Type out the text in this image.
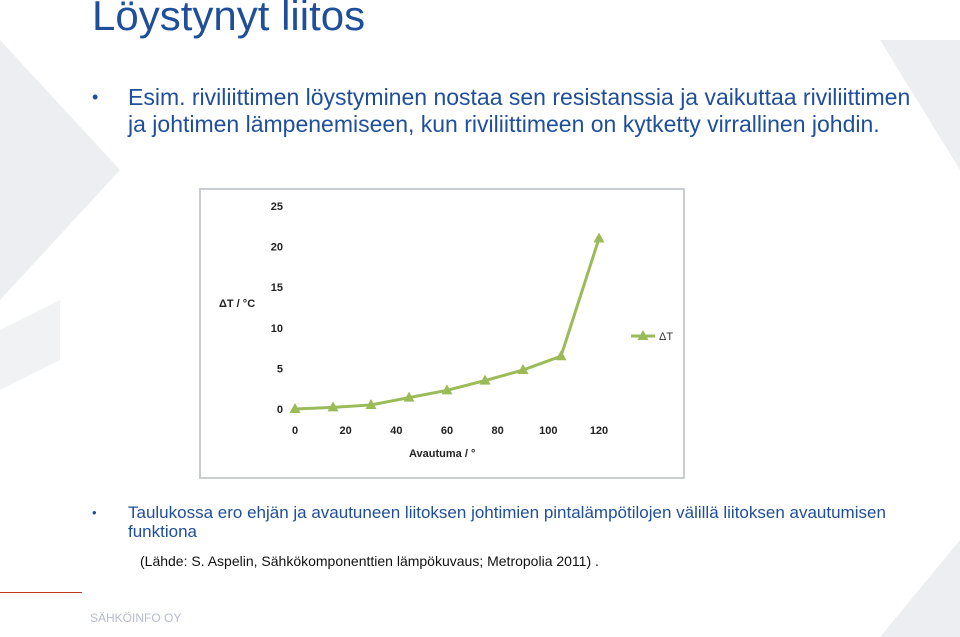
Löystynyt liitos
•	Esim. riviliittimen löystyminen nostaa sen resistanssia ja vaikuttaa riviliittimen ja johtimen lämpenemiseen, kun riviliittimeen on kytketty virrallinen johdin.
ΔT / °C
Avautuma / °
0
5
10
15
20
25
0	20	40	60	80	100	120
ΔT
•	Taulukossa ero ehjän ja avautuneen liitoksen johtimien pintalämpötilojen välillä liitoksen avautumisen funktiona

(Lähde: S. Aspelin, Sähkökomponenttien lämpökuvaus; Metropolia 2011) .

SÄHKÖINFO OY
